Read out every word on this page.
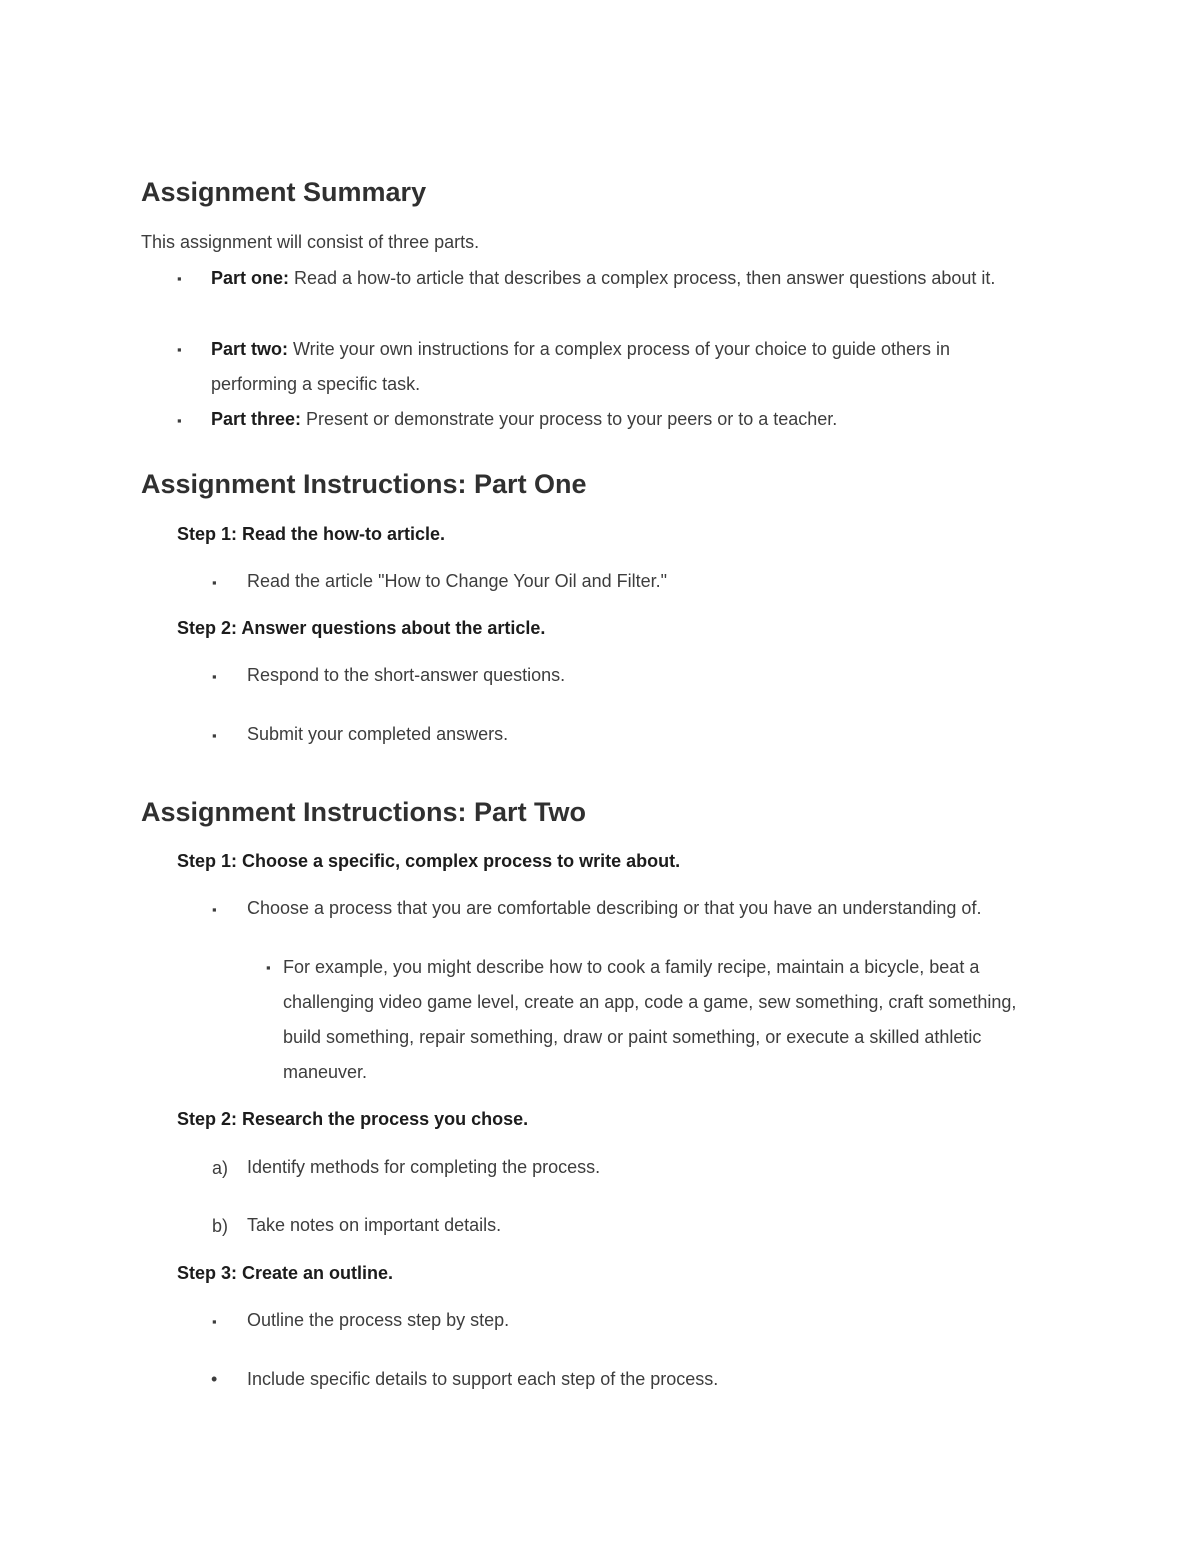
Assignment Summary

This assignment will consist of three parts.

▪ Part one: Read a how-to article that describes a complex process, then answer questions about it.
▪ Part two: Write your own instructions for a complex process of your choice to guide others in performing a specific task.
▪ Part three: Present or demonstrate your process to your peers or to a teacher.
Assignment Instructions: Part One

Step 1: Read the how-to article.

▪ Read the article "How to Change Your Oil and Filter."

Step 2: Answer questions about the article.

▪ Respond to the short-answer questions.
▪ Submit your completed answers.
Assignment Instructions: Part Two

Step 1: Choose a specific, complex process to write about.

▪ Choose a process that you are comfortable describing or that you have an understanding of.
▪ For example, you might describe how to cook a family recipe, maintain a bicycle, beat a challenging video game level, create an app, code a game, sew something, craft something, build something, repair something, draw or paint something, or execute a skilled athletic maneuver.

Step 2: Research the process you chose.

a) Identify methods for completing the process.
b) Take notes on important details.

Step 3: Create an outline.

▪ Outline the process step by step.
• Include specific details to support each step of the process.
